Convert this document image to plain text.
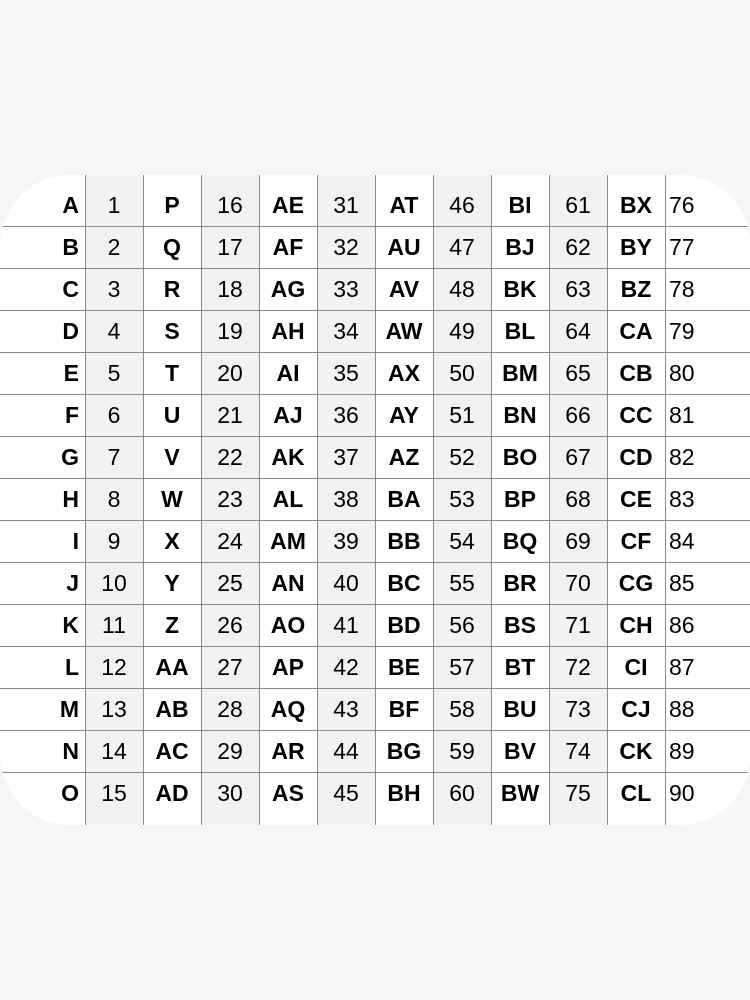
A	1	P	16	AE	31	AT	46	BI	61	BX 76
B	2	Q	17	AF	32	AU	47	BJ	62	BY 77
C	3	R	18	AG	33	AV	48	BK	63	BZ 78
D	4	S	19	AH	34	AW	49	BL	64	CA 79
E	5	T	20	AI	35	AX	50	BM	65	CB 80
F	6	U	21	AJ	36	AY	51	BN	66	CC 81
G	7	V	22	AK	37	AZ	52	BO	67	CD 82
H	8	W	23	AL	38	BA	53	BP	68	CE 83
I	9	X	24	AM	39	BB	54	BQ	69	CF 84
J 10	Y	25	AN	40	BC	55	BR	70	CG 85
K	11	Z	26	AO	41	BD	56	BS	71	CH 86
L 12	AA	27	AP	42	BE	57	BT	72	CI 87
M 13	AB	28	AQ	43	BF	58	BU	73	CJ 88
N 14	AC	29	AR	44	BG	59	BV	74	CK 89
O 15	AD	30	AS	45	BH	60	BW	75	CL 90
